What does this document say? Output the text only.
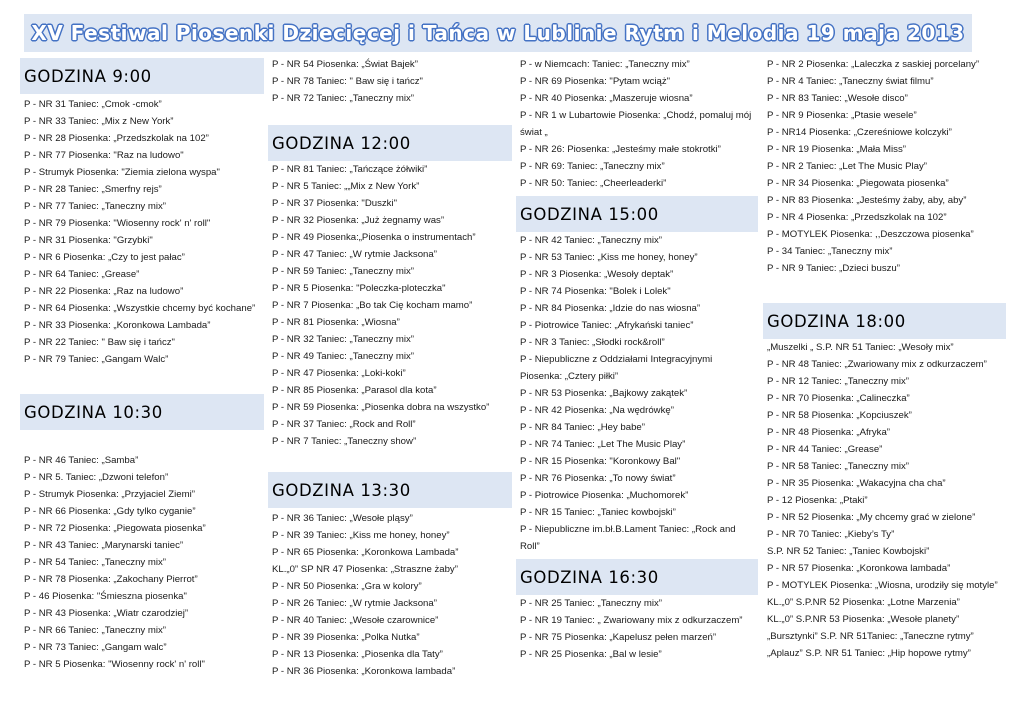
XV Festiwal Piosenki Dziecięcej i Tańca w Lublinie Rytm i Melodia 19 maja 2013
GODZINA 9:00
P - NR 31 Taniec: „Cmok -cmok”
P - NR 33 Taniec: „Mix z New York”
P - NR 28 Piosenka: „Przedszkolak na 102”
P - NR 77 Piosenka: "Raz na ludowo"
P - Strumyk Piosenka: "Ziemia zielona wyspa"
P - NR 28 Taniec: „Smerfny rejs”
P - NR 77 Taniec: „Taneczny mix”
P - NR 79 Piosenka: "Wiosenny rock' n' roll"
P - NR 31 Piosenka: "Grzybki"
P - NR 6 Piosenka: „Czy to jest pałac”
P - NR 64 Taniec: „Grease”
P - NR 22 Piosenka: „Raz na ludowo”
P - NR 64 Piosenka: „Wszystkie chcemy być kochane”
P - NR 33 Piosenka: „Koronkowa Lambada”
P - NR 22 Taniec: " Baw się i tańcz"
P - NR 79 Taniec: „Gangam Walc”
GODZINA 10:30
P - NR 46 Taniec: „Samba”
P - NR 5. Taniec: „Dzwoni telefon”
P - Strumyk Piosenka: „Przyjaciel Ziemi”
P - NR 66 Piosenka: „Gdy tylko cyganie”
P - NR 72 Piosenka: „Piegowata piosenka”
P - NR 43 Taniec: „Marynarski taniec”
P - NR 54 Taniec: „Taneczny mix”
P - NR 78 Piosenka: „Zakochany Pierrot”
P - 46 Piosenka: "Śmieszna piosenka"
P - NR 43 Piosenka: „Wiatr czarodziej”
P - NR 66 Taniec: „Taneczny mix”
P - NR 73 Taniec: „Gangam walc”
P - NR 5 Piosenka: "Wiosenny rock' n' roll"
P - NR 54 Piosenka: „Świat Bajek”
P - NR 78 Taniec: " Baw się i tańcz"
P - NR 72 Taniec: „Taneczny mix”
GODZINA 12:00
P - NR 81 Taniec: „Tańczące żółwiki”
P - NR 5 Taniec: „„Mix z New York”
P - NR 37 Piosenka: "Duszki"
P - NR 32 Piosenka: „Już żegnamy was”
P - NR 49 Piosenka:„Piosenka o instrumentach”
P - NR 47 Taniec: „W rytmie Jacksona”
P - NR 59 Taniec: „Taneczny mix”
P - NR 5 Piosenka: "Poleczka-ploteczka"
P - NR 7 Piosenka: „Bo tak Cię kocham mamo”
P - NR 81 Piosenka: „Wiosna”
P - NR 32 Taniec: „Taneczny mix”
P - NR 49 Taniec: „Taneczny mix”
P - NR 47 Piosenka: „Loki-koki”
P - NR 85 Piosenka: „Parasol dla kota”
P - NR 59 Piosenka: „Piosenka dobra na wszystko”
P - NR 37 Taniec: „Rock and Roll”
P - NR 7 Taniec: „Taneczny show”
GODZINA 13:30
P - NR 36 Taniec: „Wesołe pląsy”
P - NR 39 Taniec: „Kiss me honey, honey”
P - NR 65 Piosenka: „Koronkowa Lambada”
KL.„0” SP NR 47 Piosenka: „Straszne żaby”
P - NR 50 Piosenka: „Gra w kolory”
P - NR 26 Taniec: „W rytmie Jacksona”
P - NR 40 Taniec: „Wesołe czarownice”
P - NR 39 Piosenka: „Polka Nutka”
P - NR 13 Piosenka: „Piosenka dla Taty”
P - NR 36 Piosenka: „Koronkowa lambada”
P - w Niemcach: Taniec: „Taneczny mix”
P - NR 69 Piosenka: "Pytam wciąż"
P - NR 40 Piosenka: „Maszeruje wiosna”
P - NR 1 w Lubartowie Piosenka: „Chodź, pomaluj mój świat „
P - NR 26: Piosenka: „Jesteśmy małe stokrotki”
P - NR 69: Taniec: „Taneczny mix”
P - NR 50: Taniec: „Cheerleaderki”
GODZINA 15:00
P - NR 42 Taniec: „Taneczny mix”
P - NR 53 Taniec: „Kiss me honey, honey”
P - NR 3 Piosenka: „Wesoły deptak”
P - NR 74 Piosenka: "Bolek i Lolek"
P - NR 84 Piosenka: „Idzie do nas wiosna”
P - Piotrowice Taniec: „Afrykański taniec”
P - NR 3 Taniec: „Słodki rock&roll”
P - Niepubliczne z Oddziałami Integracyjnymi Piosenka: „Cztery piłki”
P - NR 53 Piosenka: „Bajkowy zakątek”
P - NR 42 Piosenka: „Na wędrówkę”
P - NR 84 Taniec: „Hey babe”
P - NR 74 Taniec: „Let The Music Play”
P - NR 15 Piosenka: "Koronkowy Bal"
P - NR 76 Piosenka: „To nowy świat”
P - Piotrowice Piosenka: „Muchomorek”
P - NR 15 Taniec: „Taniec kowbojski”
P - Niepubliczne im.bł.B.Lament Taniec: „Rock and Roll”
GODZINA 16:30
P - NR 25 Taniec: „Taneczny mix”
P - NR 19 Taniec: „ Zwariowany mix z odkurzaczem”
P - NR 75 Piosenka: „Kapelusz pełen marzeń”
P - NR 25 Piosenka: „Bal w lesie”
P - NR 2 Piosenka: „Laleczka z saskiej porcelany”
P - NR 4 Taniec: „Taneczny świat filmu”
P - NR 83 Taniec: „Wesołe disco”
P - NR 9 Piosenka: „Ptasie wesele”
P - NR14 Piosenka: „Czereśniowe kolczyki”
P - NR 19 Piosenka: „Mała Miss”
P - NR 2 Taniec: „Let The Music Play”
P - NR 34 Piosenka: „Piegowata piosenka”
P - NR 83 Piosenka: „Jesteśmy żaby, aby, aby”
P - NR 4 Piosenka: „Przedszkolak na 102”
P - MOTYLEK Piosenka: ,,Deszczowa piosenka”
P - 34 Taniec: „Taneczny mix”
P - NR 9 Taniec: „Dzieci buszu”
GODZINA 18:00
„Muszelki „ S.P. NR 51 Taniec: „Wesoły mix”
P - NR 48 Taniec: „Zwariowany mix z odkurzaczem”
P - NR 12 Taniec: „Taneczny mix”
P - NR 70 Piosenka: „Calineczka”
P - NR 58 Piosenka: „Kopciuszek”
P - NR 48 Piosenka: „Afryka”
P - NR 44 Taniec: „Grease”
P - NR 58 Taniec: „Taneczny mix”
P - NR 35 Piosenka: „Wakacyjna cha cha”
P - 12 Piosenka: „Ptaki”
P - NR 52 Piosenka: „My chcemy grać w zielone”
P - NR 70 Taniec: „Kieby’s Ty”
S.P. NR 52 Taniec: „Taniec Kowbojski”
P - NR 57 Piosenka: „Koronkowa lambada”
P - MOTYLEK Piosenka: „Wiosna, urodziły się motyle”
KL.„0” S.P.NR 52 Piosenka: „Lotne Marzenia”
KL.„0” S.P.NR 53 Piosenka: „Wesołe planety”
„Bursztynki” S.P. NR 51Taniec: „Taneczne rytmy”
„Aplauz” S.P. NR 51 Taniec: „Hip hopowe rytmy”
